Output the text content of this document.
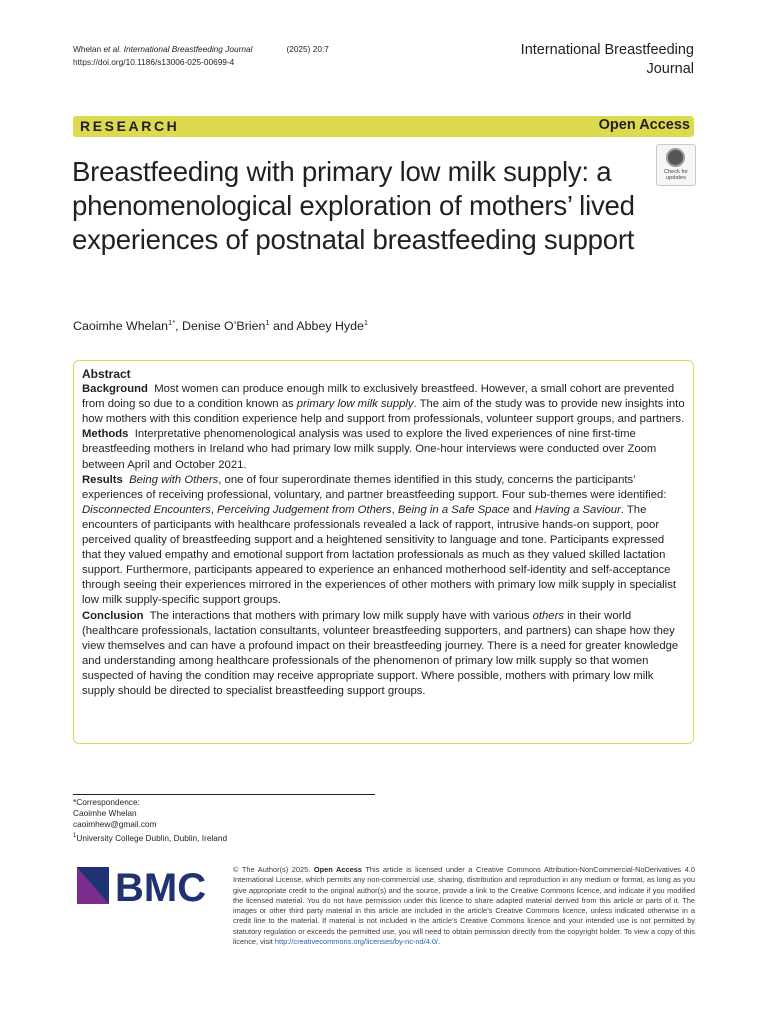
Whelan et al. International Breastfeeding Journal	(2025) 20:7
https://doi.org/10.1186/s13006-025-00699-4
International Breastfeeding
Journal
RESEARCH	Open Access
Breastfeeding with primary low milk supply: a phenomenological exploration of mothers’ lived experiences of postnatal breastfeeding support
Check for
updates
Caoimhe Whelan$^{1*}$, Denise O’Brien$^1$ and Abbey Hyde$^1$

Abstract

Background Most women can produce enough milk to exclusively breastfeed. However, a small cohort are prevented from doing so due to a condition known as primary low milk supply. The aim of the study was to provide new insights into how mothers with this condition experience help and support from professionals, volunteer support groups, and partners.

Methods Interpretative phenomenological analysis was used to explore the lived experiences of nine first-time breastfeeding mothers in Ireland who had primary low milk supply. One-hour interviews were conducted over Zoom between April and October 2021.

Results Being with Others, one of four superordinate themes identified in this study, concerns the participants’ experiences of receiving professional, voluntary, and partner breastfeeding support. Four sub-themes were identified: Disconnected Encounters, Perceiving Judgement from Others, Being in a Safe Space and Having a Saviour. The encounters of participants with healthcare professionals revealed a lack of rapport, intrusive hands-on support, poor perceived quality of breastfeeding support and a heightened sensitivity to language and tone. Participants expressed that they valued empathy and emotional support from lactation professionals as much as they valued skilled lactation support. Furthermore, participants appeared to experience an enhanced motherhood self-identity and self-acceptance through seeing their experiences mirrored in the experiences of other mothers with primary low milk supply in specialist low milk supply-specific support groups.

Conclusion The interactions that mothers with primary low milk supply have with various others in their world (healthcare professionals, lactation consultants, volunteer breastfeeding supporters, and partners) can shape how they view themselves and can have a profound impact on their breastfeeding journey. There is a need for greater knowledge and understanding among healthcare professionals of the phenomenon of primary low milk supply so that women suspected of having the condition may receive appropriate support. Where possible, mothers with primary low milk supply should be directed to specialist breastfeeding support groups.

*Correspondence:
Caoimhe Whelan
caoimhew@gmail.com
$^1$University College Dublin, Dublin, Ireland
BMC	© The Author(s) 2025. Open Access This article is licensed under a Creative Commons Attribution-NonCommercial-NoDerivatives 4.0 International License, which permits any non-commercial use, sharing, distribution and reproduction in any medium or format, as long as you give appropriate credit to the original author(s) and the source, provide a link to the Creative Commons licence, and indicate if you modified the licensed material. You do not have permission under this licence to share adapted material derived from this article or parts of it. The images or other third party material in this article are included in the article’s Creative Commons licence, unless indicated otherwise in a credit line to the material. If material is not included in the article’s Creative Commons licence and your intended use is not permitted by statutory regulation or exceeds the permitted use, you will need to obtain permission directly from the copyright holder. To view a copy of this licence, visit http://creativecommons.org/licenses/by-nc-nd/4.0/.
